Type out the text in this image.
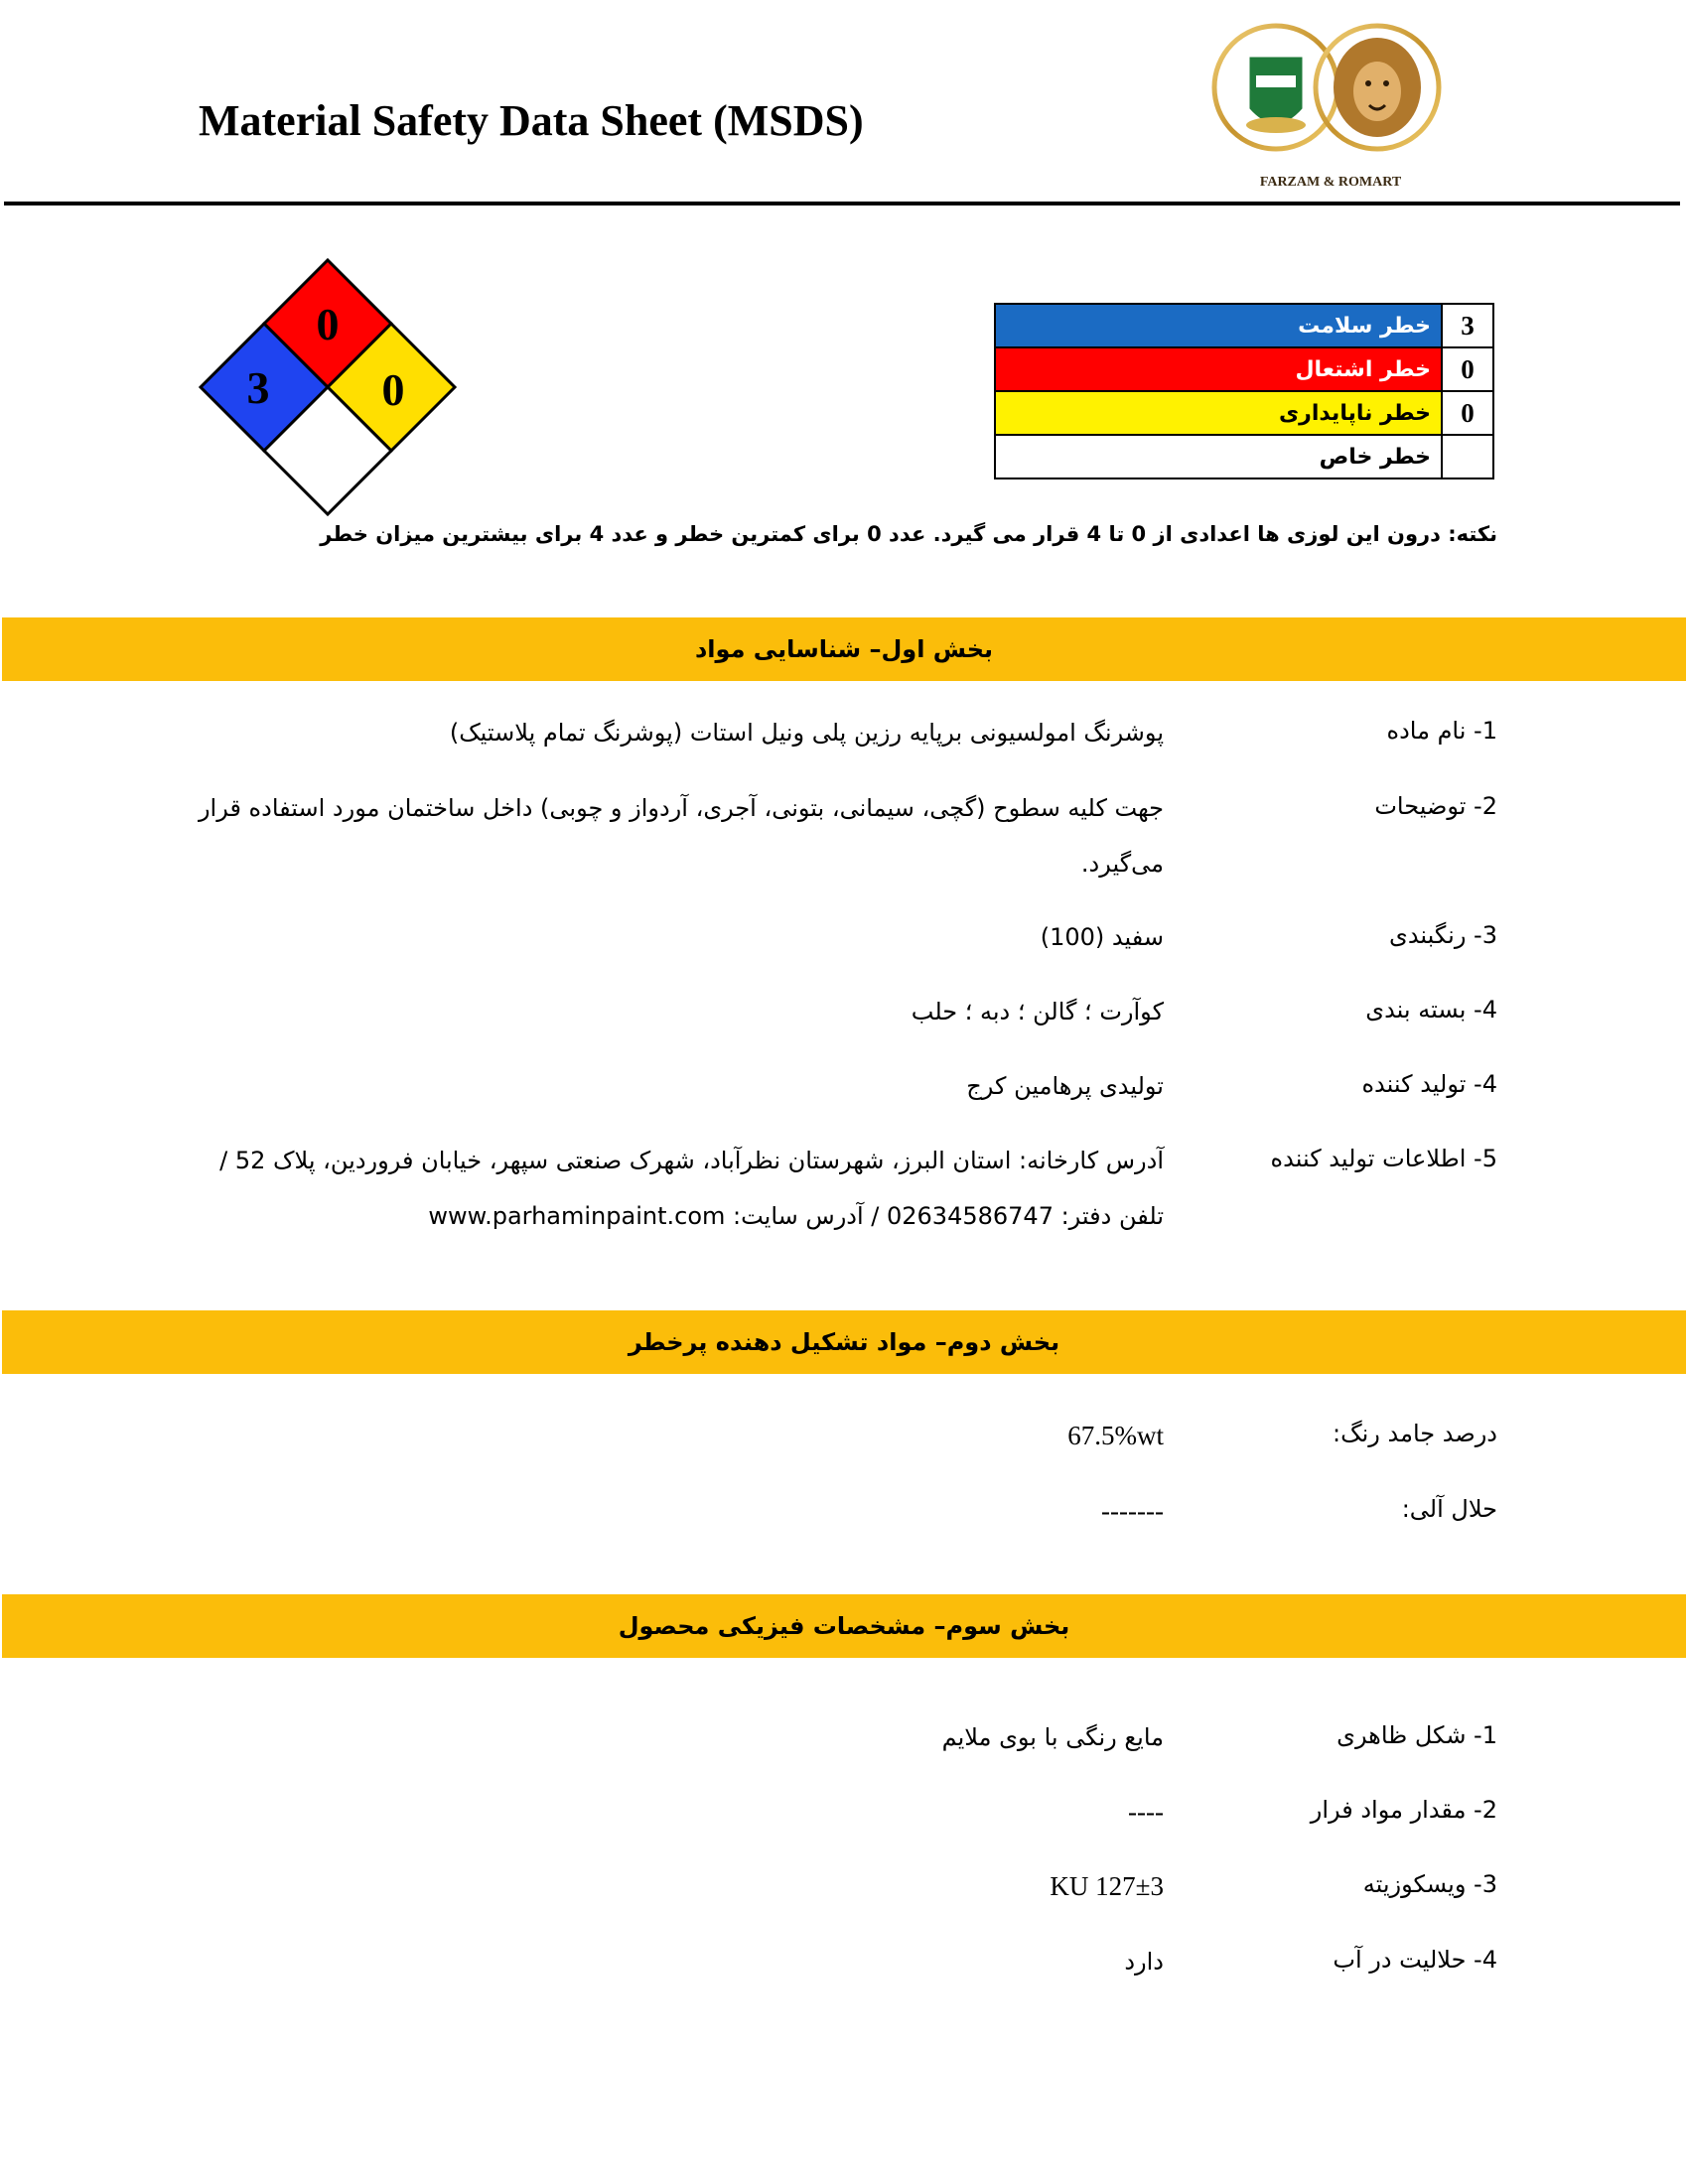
Material Safety Data Sheet (MSDS)
FARZAM & ROMART
0
3 0
3	خطر سلامت
0	خطر اشتعال
0	خطر ناپایداری
	خطر خاص
نکته: درون این لوزی ها اعدادی از 0 تا 4 قرار می گیرد. عدد 0 برای کمترین خطر و عدد 4 برای بیشترین میزان خطر
بخش اول– شناسایی مواد
1- نام ماده
پوشرنگ امولسیونی برپایه رزین پلی ونیل استات (پوشرنگ تمام پلاستیک)
2- توضیحات
جهت کلیه سطوح (گچی، سیمانی، بتونی، آجری، آردواز و چوبی) داخل ساختمان مورد استفاده قرار می‌گیرد.
3- رنگبندی
سفید (100)
4- بسته بندی
کوآرت ؛ گالن ؛ دبه ؛ حلب
4- تولید کننده
تولیدی پرهامین کرج
5- اطلاعات تولید کننده
آدرس کارخانه: استان البرز، شهرستان نظرآباد، شهرک صنعتی سپهر، خیابان فروردین، پلاک 52 / تلفن دفتر: 02634586747 / آدرس سایت: www.parhaminpaint.com
بخش دوم– مواد تشکیل دهنده پرخطر
درصد جامد رنگ:
67.5%wt
حلال آلی:
-------
بخش سوم– مشخصات فیزیکی محصول
1- شکل ظاهری
مایع رنگی با بوی ملایم
2- مقدار مواد فرار
----
3- ویسکوزیته
127±3 KU
4- حلالیت در آب
دارد
